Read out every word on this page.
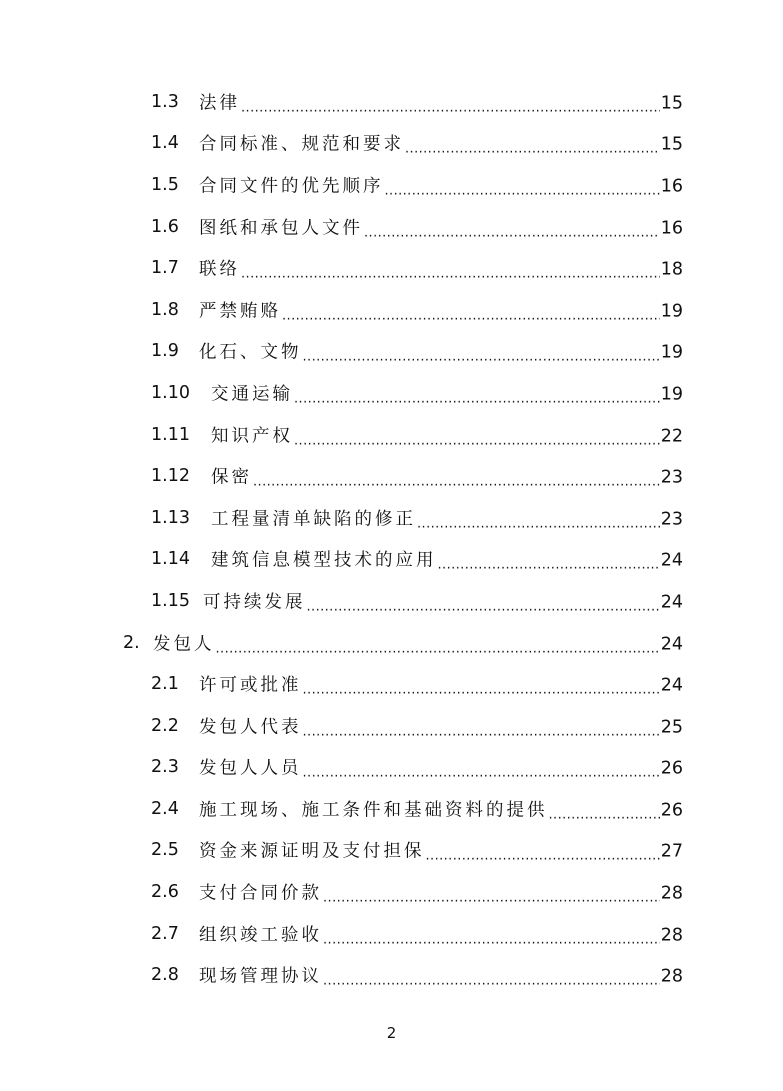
1.3 法律 .....	15
1.4 合同标准、规范和要求 .....	15
1.5 合同文件的优先顺序 .....	16
1.6 图纸和承包人文件 .....	16
1.7 联络 .....	18
1.8 严禁贿赂 .....	19
1.9 化石、文物 .....	19
1.10 交通运输 .....	19
1.11 知识产权 .....	22
1.12 保密 .....	23
1.13 工程量清单缺陷的修正 .....	23
1.14 建筑信息模型技术的应用 .....	24
1.15 可持续发展 .....	24
2. 发包人 .....	24
2.1 许可或批准 .....	24
2.2 发包人代表 .....	25
2.3 发包人人员 .....	26
2.4 施工现场、施工条件和基础资料的提供 .....	26
2.5 资金来源证明及支付担保 .....	27
2.6 支付合同价款 .....	28
2.7 组织竣工验收 .....	28
2.8 现场管理协议 .....	28
2
